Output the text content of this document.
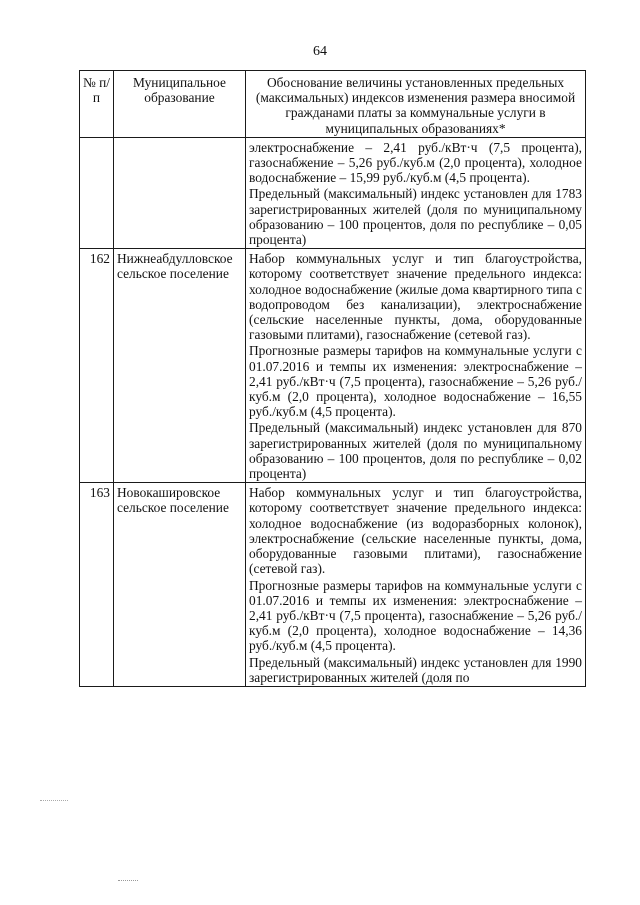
64
№ п/п	Муниципальное образование	Обоснование величины установленных предельных (максимальных) индексов изменения размера вносимой гражданами платы за коммунальные услуги в муниципальных образованиях*

		электроснабжение – 2,41 руб./кВт·ч (7,5 процента), газоснабжение – 5,26 руб./куб.м (2,0 процента), холодное водоснабжение – 15,99 руб./куб.м (4,5 процента).

Предельный (максимальный) индекс установлен для 1783 зарегистрированных жителей (доля по муниципальному образованию – 100 процентов, доля по республике – 0,05 процента)

162	Нижнеабдулловское сельское поселение	Набор коммунальных услуг и тип благоустройства, которому соответствует значение предельного индекса: холодное водоснабжение (жилые дома квартирного типа с водопроводом без канализации), электроснабжение (сельские населенные пункты, дома, оборудованные газовыми плитами), газоснабжение (сетевой газ).

Прогнозные размеры тарифов на коммунальные услуги с 01.07.2016 и темпы их изменения: электроснабжение – 2,41 руб./кВт·ч (7,5 процента), газоснабжение – 5,26 руб./куб.м (2,0 процента), холодное водоснабжение – 16,55 руб./куб.м (4,5 процента).

Предельный (максимальный) индекс установлен для 870 зарегистрированных жителей (доля по муниципальному образованию – 100 процентов, доля по республике – 0,02 процента)

163	Новокашировское сельское поселение	Набор коммунальных услуг и тип благоустройства, которому соответствует значение предельного индекса: холодное водоснабжение (из водоразборных колонок), электроснабжение (сельские населенные пункты, дома, оборудованные газовыми плитами), газоснабжение (сетевой газ).

Прогнозные размеры тарифов на коммунальные услуги с 01.07.2016 и темпы их изменения: электроснабжение – 2,41 руб./кВт·ч (7,5 процента), газоснабжение – 5,26 руб./куб.м (2,0 процента), холодное водоснабжение – 14,36 руб./куб.м (4,5 процента).

Предельный (максимальный) индекс установлен для 1990 зарегистрированных жителей (доля по
